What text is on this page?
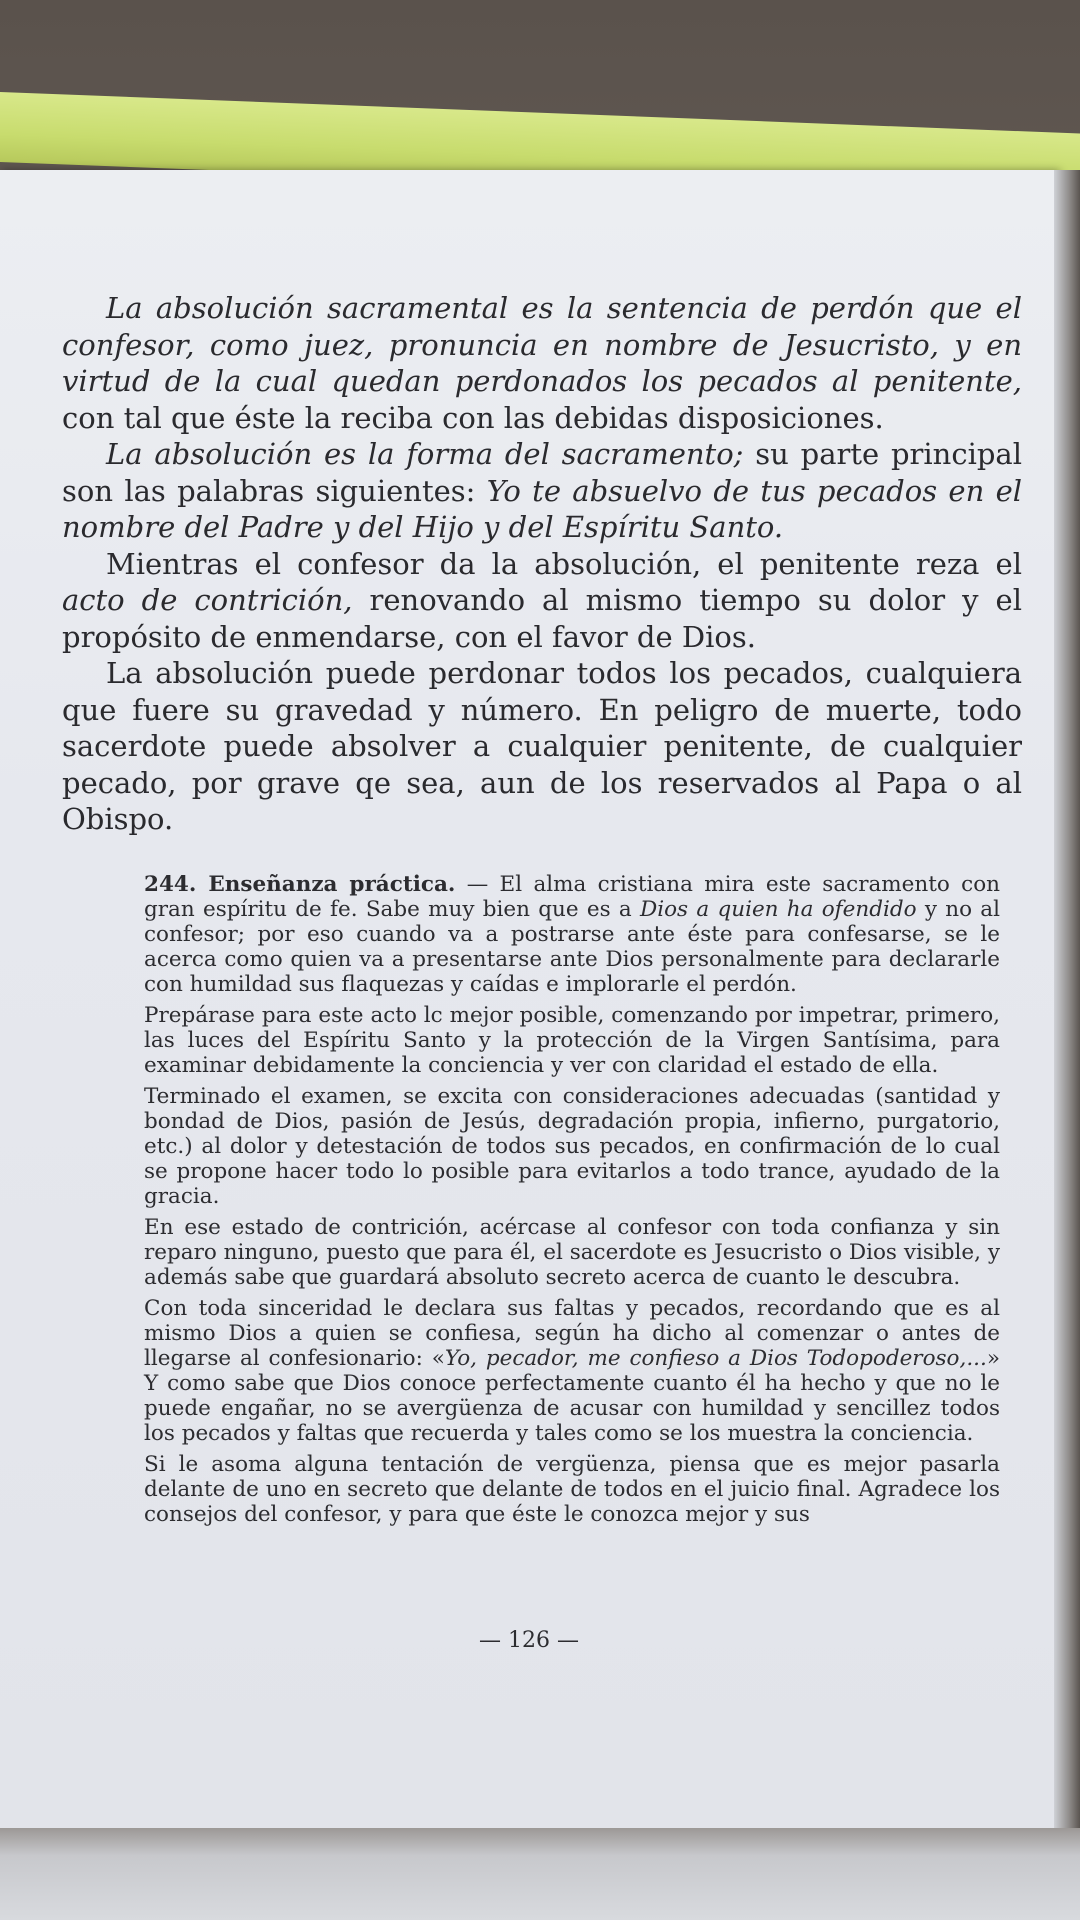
La absolución sacramental es la sentencia de perdón que el confesor, como juez, pronuncia en nombre de Jesucristo, y en virtud de la cual quedan perdonados los pecados al penitente, con tal que éste la reciba con las debidas disposiciones.

La absolución es la forma del sacramento; su parte principal son las palabras siguientes: Yo te absuelvo de tus pecados en el nombre del Padre y del Hijo y del Espíritu Santo.

Mientras el confesor da la absolución, el penitente reza el acto de contrición, renovando al mismo tiempo su dolor y el propósito de enmendarse, con el favor de Dios.

La absolución puede perdonar todos los pecados, cualquiera que fuere su gravedad y número. En peligro de muerte, todo sacerdote puede absolver a cualquier penitente, de cualquier pecado, por grave qe sea, aun de los reservados al Papa o al Obispo.

244. Enseñanza práctica. — El alma cristiana mira este sacramento con gran espíritu de fe. Sabe muy bien que es a Dios a quien ha ofendido y no al confesor; por eso cuando va a postrarse ante éste para confesarse, se le acerca como quien va a presentarse ante Dios personalmente para declararle con humildad sus flaquezas y caídas e implorarle el perdón.

Prepárase para este acto lc mejor posible, comenzando por impetrar, primero, las luces del Espíritu Santo y la protección de la Virgen Santísima, para examinar debidamente la conciencia y ver con claridad el estado de ella.

Terminado el examen, se excita con consideraciones adecuadas (santidad y bondad de Dios, pasión de Jesús, degradación propia, infierno, purgatorio, etc.) al dolor y detestación de todos sus pecados, en confirmación de lo cual se propone hacer todo lo posible para evitarlos a todo trance, ayudado de la gracia.

En ese estado de contrición, acércase al confesor con toda confianza y sin reparo ninguno, puesto que para él, el sacerdote es Jesucristo o Dios visible, y además sabe que guardará absoluto secreto acerca de cuanto le descubra.

Con toda sinceridad le declara sus faltas y pecados, recordando que es al mismo Dios a quien se confiesa, según ha dicho al comenzar o antes de llegarse al confesionario: «Yo, pecador, me confieso a Dios Todopoderoso,...» Y como sabe que Dios conoce perfectamente cuanto él ha hecho y que no le puede engañar, no se avergüenza de acusar con humildad y sencillez todos los pecados y faltas que recuerda y tales como se los muestra la conciencia.

Si le asoma alguna tentación de vergüenza, piensa que es mejor pasarla delante de uno en secreto que delante de todos en el juicio final. Agradece los consejos del confesor, y para que éste le conozca mejor y sus

— 126 —
